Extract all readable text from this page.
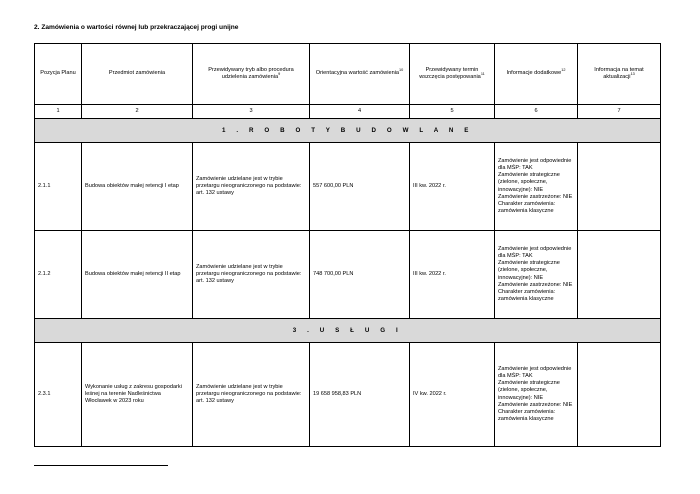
2. Zamówienia o wartości równej lub przekraczającej progi unijne
Pozycja Planu	Przedmiot zamówienia	Przewidywany tryb albo procedura udzielenia zamówienia$^9$	Orientacyjna wartość zamówienia$^{10}$	Przewidywany termin wszczęcia postępowania$^{11}$	Informacje dodatkowe$^{12}$	Informacja na temat aktualizacji$^{13}$
1	2	3	4	5	6	7
1 . R O B O T Y B U D O W L A N E						
2.1.1	Budowa obiektów małej retencji I etap	Zamówienie udzielane jest w trybie przetargu nieograniczonego na podstawie: art. 132 ustawy	557 600,00 PLN	III kw. 2022 r.	Zamówienie jest odpowiednie dla MŚP: TAK
Zamówienie strategiczne (zielone, społeczne, innowacyjne): NIE
Zamówienie zastrzeżone: NIE
Charakter zamówienia: zamówienia klasyczne	

2.1.2	Budowa obiektów małej retencji II etap	Zamówienie udzielane jest w trybie przetargu nieograniczonego na podstawie: art. 132 ustawy	748 700,00 PLN	III kw. 2022 r.	Zamówienie jest odpowiednie dla MŚP: TAK
Zamówienie strategiczne (zielone, społeczne, innowacyjne): NIE
Zamówienie zastrzeżone: NIE
Charakter zamówienia: zamówienia klasyczne	

3 . U S Ł U G I						
2.3.1	Wykonanie usług z zakresu gospodarki leśnej na terenie Nadleśnictwa Włocławek w 2023 roku	Zamówienie udzielane jest w trybie przetargu nieograniczonego na podstawie: art. 132 ustawy	19 658 958,83 PLN	IV kw. 2022 r.	Zamówienie jest odpowiednie dla MŚP: TAK
Zamówienie strategiczne (zielone, społeczne, innowacyjne): NIE
Zamówienie zastrzeżone: NIE
Charakter zamówienia: zamówienia klasyczne	
